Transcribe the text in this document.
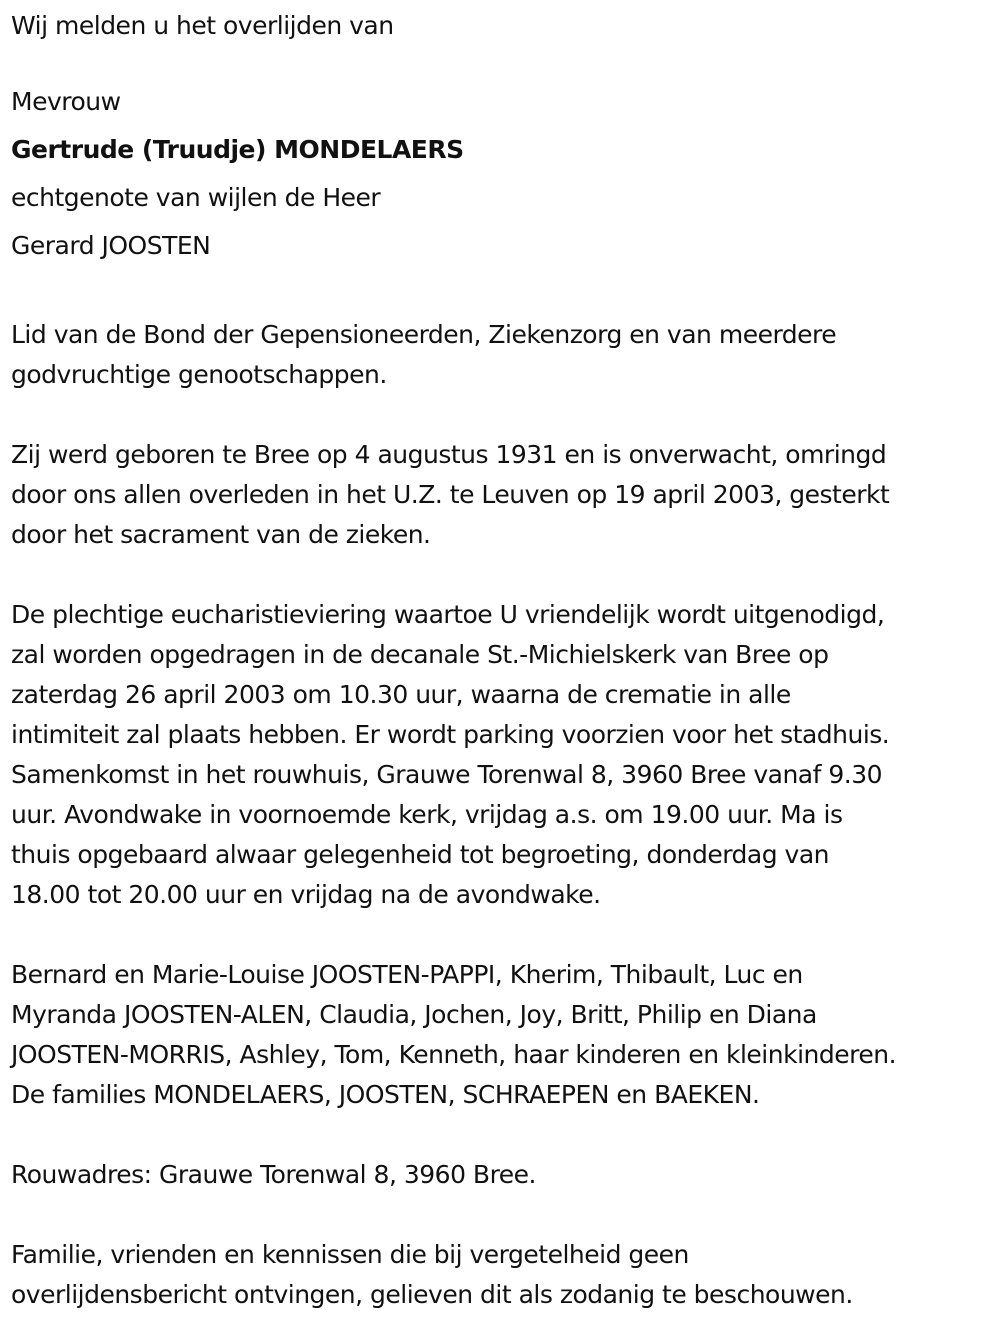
Wij melden u het overlijden van
Mevrouw
Gertrude (Truudje) MONDELAERS
echtgenote van wijlen de Heer
Gerard JOOSTEN
Lid van de Bond der Gepensioneerden, Ziekenzorg en van meerdere
godvruchtige genootschappen.
Zij werd geboren te Bree op 4 augustus 1931 en is onverwacht, omringd
door ons allen overleden in het U.Z. te Leuven op 19 april 2003, gesterkt
door het sacrament van de zieken.
De plechtige eucharistieviering waartoe U vriendelijk wordt uitgenodigd,
zal worden opgedragen in de decanale St.-Michielskerk van Bree op
zaterdag 26 april 2003 om 10.30 uur, waarna de crematie in alle
intimiteit zal plaats hebben. Er wordt parking voorzien voor het stadhuis.
Samenkomst in het rouwhuis, Grauwe Torenwal 8, 3960 Bree vanaf 9.30
uur. Avondwake in voornoemde kerk, vrijdag a.s. om 19.00 uur. Ma is
thuis opgebaard alwaar gelegenheid tot begroeting, donderdag van
18.00 tot 20.00 uur en vrijdag na de avondwake.
Bernard en Marie-Louise JOOSTEN-PAPPI, Kherim, Thibault, Luc en
Myranda JOOSTEN-ALEN, Claudia, Jochen, Joy, Britt, Philip en Diana
JOOSTEN-MORRIS, Ashley, Tom, Kenneth, haar kinderen en kleinkinderen.
De families MONDELAERS, JOOSTEN, SCHRAEPEN en BAEKEN.
Rouwadres: Grauwe Torenwal 8, 3960 Bree.
Familie, vrienden en kennissen die bij vergetelheid geen
overlijdensbericht ontvingen, gelieven dit als zodanig te beschouwen.
